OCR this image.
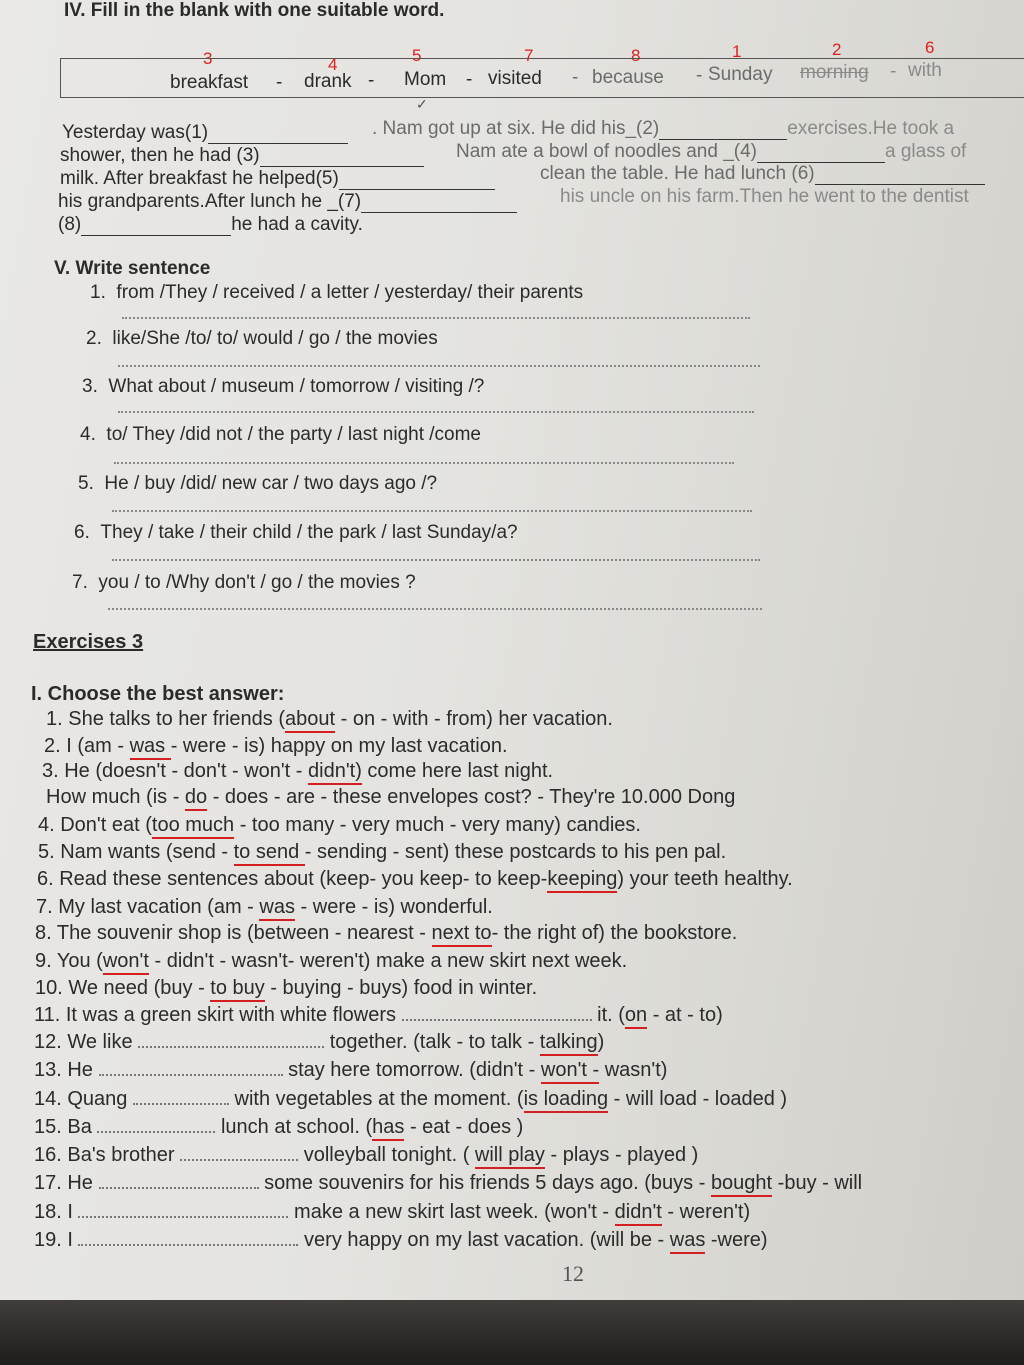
IV. Fill in the blank with one suitable word.
3	4	5	7	8	1	2	6
breakfast - drank - Mom - visited - because - Sunday morning - with
✓
Yesterday was(1)	. Nam got up at six. He did his_(2)	exercises.He took a
shower, then he had (3)	Nam ate a bowl of noodles and _(4)	a glass of
milk. After breakfast he helped(5)	clean the table. He had lunch (6)
his grandparents.After lunch he _(7)	his uncle on his farm.Then he went to the dentist
(8)	he had a cavity.
V. Write sentence
1. from /They / received / a letter / yesterday/ their parents
2. like/She /to/ to/ would / go / the movies
3. What about / museum / tomorrow / visiting /?
4. to/ They /did not / the party / last night /come
5. He / buy /did/ new car / two days ago /?
6. They / take / their child / the park / last Sunday/a?
7. you / to /Why don't / go / the movies ?
Exercises 3
I. Choose the best answer:
1. She talks to her friends (about - on - with - from) her vacation.
2. I (am - was - were - is) happy on my last vacation.
3. He (doesn't - don't - won't - didn't) come here last night.
How much (is - do - does - are - these envelopes cost? - They're 10.000 Dong
4. Don't eat (too much - too many - very much - very many) candies.
5. Nam wants (send - to send - sending - sent) these postcards to his pen pal.
6. Read these sentences about (keep- you keep- to keep-keeping) your teeth healthy.
7. My last vacation (am - was - were - is) wonderful.
8. The souvenir shop is (between - nearest - next to- the right of) the bookstore.
9. You (won't - didn't - wasn't- weren't) make a new skirt next week.
10. We need (buy - to buy - buying - buys) food in winter.
11. It was a green skirt with white flowers	it. (on - at - to)
12. We like	together. (talk - to talk - talking)
13. He	stay here tomorrow. (didn't - won't - wasn't)
14. Quang	with vegetables at the moment. (is loading - will load - loaded )
15. Ba	lunch at school. (has - eat - does )
16. Ba's brother	volleyball tonight. ( will play - plays - played )
17. He	some souvenirs for his friends 5 days ago. (buys - bought -buy - will
18. I	make a new skirt last week. (won't - didn't - weren't)
19. I	very happy on my last vacation. (will be - was -were)
12
